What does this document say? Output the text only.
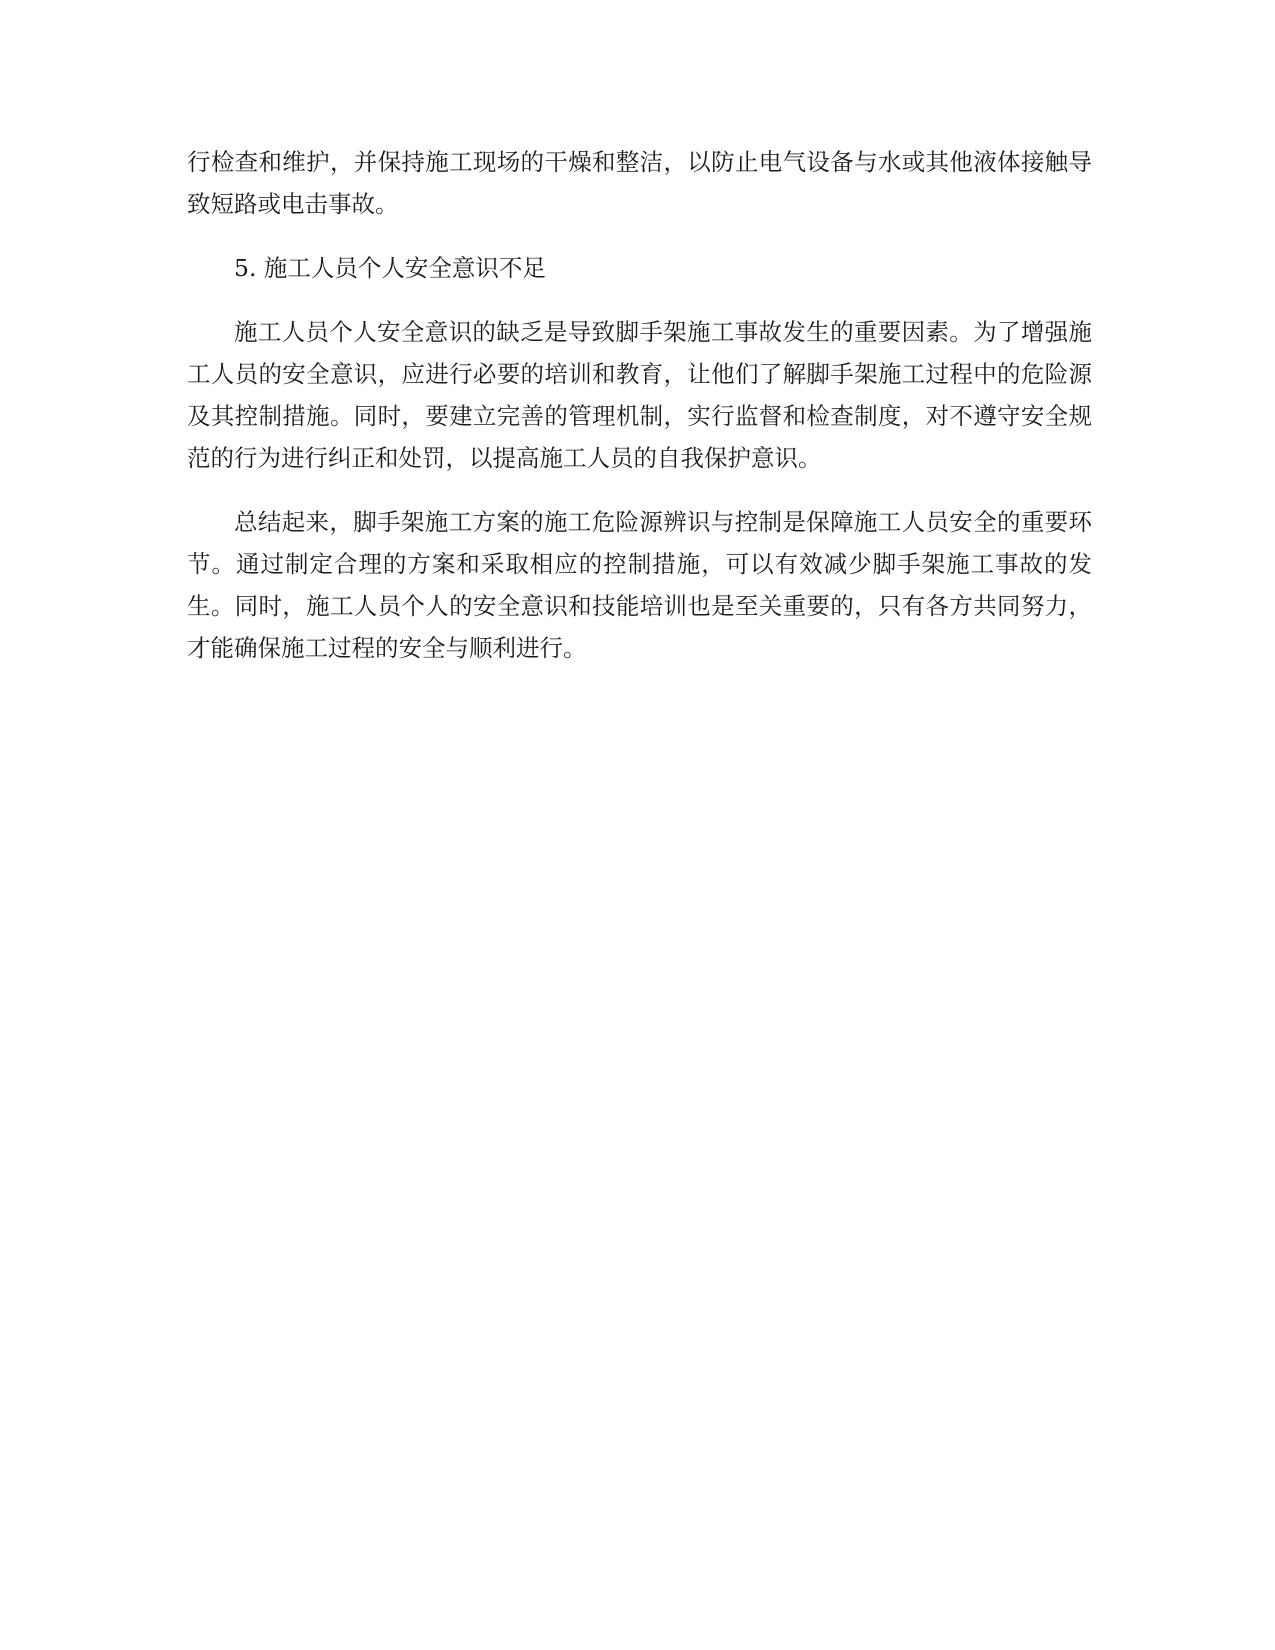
行检查和维护，并保持施工现场的干燥和整洁，以防止电气设备与水或其他液体接触导致短路或电击事故。

5. 施工人员个人安全意识不足

施工人员个人安全意识的缺乏是导致脚手架施工事故发生的重要因素。为了增强施工人员的安全意识，应进行必要的培训和教育，让他们了解脚手架施工过程中的危险源及其控制措施。同时，要建立完善的管理机制，实行监督和检查制度，对不遵守安全规范的行为进行纠正和处罚，以提高施工人员的自我保护意识。

总结起来，脚手架施工方案的施工危险源辨识与控制是保障施工人员安全的重要环节。通过制定合理的方案和采取相应的控制措施，可以有效减少脚手架施工事故的发生。同时，施工人员个人的安全意识和技能培训也是至关重要的，只有各方共同努力，才能确保施工过程的安全与顺利进行。
